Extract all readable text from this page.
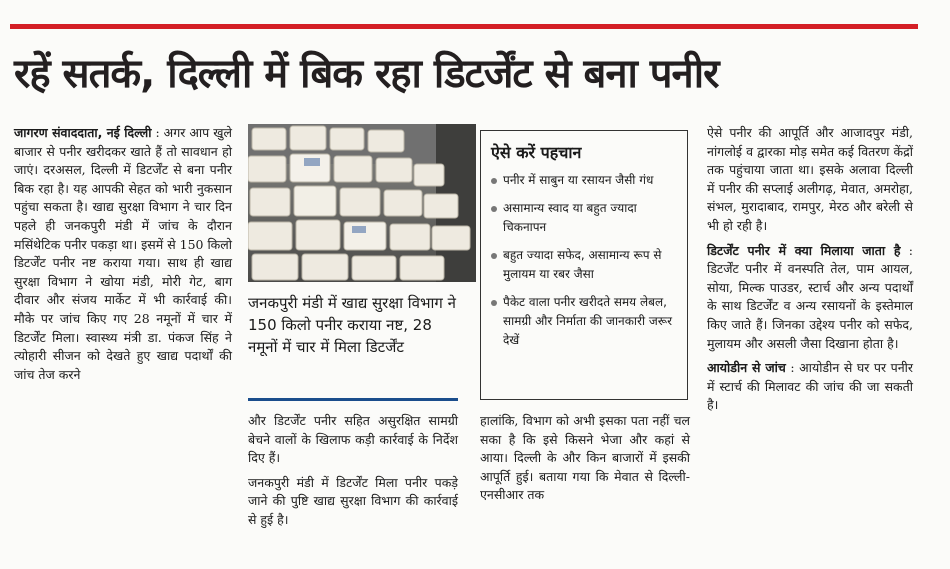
रहें सतर्क, दिल्ली में बिक रहा डिटर्जेंट से बना पनीर

जागरण संवाददाता, नई दिल्ली : अगर आप खुले बाजार से पनीर खरीदकर खाते हैं तो सावधान हो जाएं। दरअसल, दिल्ली में डिटर्जेंट से बना पनीर बिक रहा है। यह आपकी सेहत को भारी नुकसान पहुंचा सकता है। खाद्य सुरक्षा विभाग ने चार दिन पहले ही जनकपुरी मंडी में जांच के दौरान मसिंथेटिक पनीर पकड़ा था। इसमें से 150 किलो डिटर्जेंट पनीर नष्ट कराया गया। साथ ही खाद्य सुरक्षा विभाग ने खोया मंडी, मोरी गेट, बाग दीवार और संजय मार्केट में भी कार्रवाई की। मौके पर जांच किए गए 28 नमूनों में चार में डिटर्जेंट मिला। स्वास्थ्य मंत्री डा. पंकज सिंह ने त्योहारी सीजन को देखते हुए खाद्य पदार्थों की जांच तेज करने

जनकपुरी मंडी में खाद्य सुरक्षा विभाग ने 150 किलो पनीर कराया नष्ट, 28 नमूनों में चार में मिला डिटर्जेंट

ऐसे करें पहचान
पनीर में साबुन या रसायन जैसी गंध
असामान्य स्वाद या बहुत ज्यादा चिकनापन
बहुत ज्यादा सफेद, असामान्य रूप से मुलायम या रबर जैसा
पैकेट वाला पनीर खरीदते समय लेबल, सामग्री और निर्माता की जानकारी जरूर देखें
और डिटर्जेंट पनीर सहित असुरक्षित सामग्री बेचने वालों के खिलाफ कड़ी कार्रवाई के निर्देश दिए हैं।
जनकपुरी मंडी में डिटर्जेंट मिला पनीर पकड़े जाने की पुष्टि खाद्य सुरक्षा विभाग की कार्रवाई से हुई है।

हालांकि, विभाग को अभी इसका पता नहीं चल सका है कि इसे किसने भेजा और कहां से आया। दिल्ली के और किन बाजारों में इसकी आपूर्ति हुई। बताया गया कि मेवात से दिल्ली-एनसीआर तक

ऐसे पनीर की आपूर्ति और आजादपुर मंडी, नांगलोई व द्वारका मोड़ समेत कई वितरण केंद्रों तक पहुंचाया जाता था। इसके अलावा दिल्ली में पनीर की सप्लाई अलीगढ़, मेवात, अमरोहा, संभल, मुरादाबाद, रामपुर, मेरठ और बरेली से भी हो रही है।
डिटर्जेंट पनीर में क्या मिलाया जाता है : डिटर्जेंट पनीर में वनस्पति तेल, पाम आयल, सोया, मिल्क पाउडर, स्टार्च और अन्य पदार्थों के साथ डिटर्जेंट व अन्य रसायनों के इस्तेमाल किए जाते हैं। जिनका उद्देश्य पनीर को सफेद, मुलायम और असली जैसा दिखाना होता है।
आयोडीन से जांच : आयोडीन से घर पर पनीर में स्टार्च की मिलावट की जांच की जा सकती है।
